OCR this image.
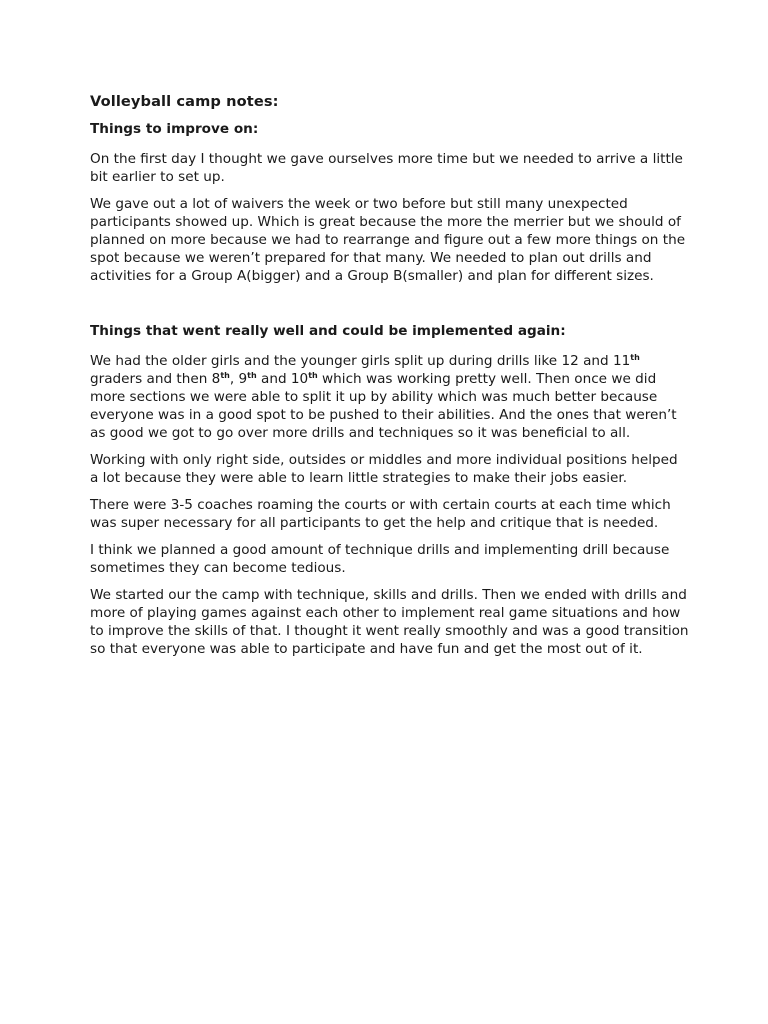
Volleyball camp notes:
Things to improve on:

On the first day I thought we gave ourselves more time but we needed to arrive a little bit earlier to set up.

We gave out a lot of waivers the week or two before but still many unexpected participants showed up. Which is great because the more the merrier but we should of planned on more because we had to rearrange and figure out a few more things on the spot because we weren’t prepared for that many. We needed to plan out drills and activities for a Group A(bigger) and a Group B(smaller) and plan for different sizes.

Things that went really well and could be implemented again:

We had the older girls and the younger girls split up during drills like 12 and 11th graders and then 8th, 9th and 10th which was working pretty well. Then once we did more sections we were able to split it up by ability which was much better because everyone was in a good spot to be pushed to their abilities. And the ones that weren’t as good we got to go over more drills and techniques so it was beneficial to all.

Working with only right side, outsides or middles and more individual positions helped a lot because they were able to learn little strategies to make their jobs easier.

There were 3-5 coaches roaming the courts or with certain courts at each time which was super necessary for all participants to get the help and critique that is needed.

I think we planned a good amount of technique drills and implementing drill because sometimes they can become tedious.

We started our the camp with technique, skills and drills. Then we ended with drills and more of playing games against each other to implement real game situations and how to improve the skills of that. I thought it went really smoothly and was a good transition so that everyone was able to participate and have fun and get the most out of it.
